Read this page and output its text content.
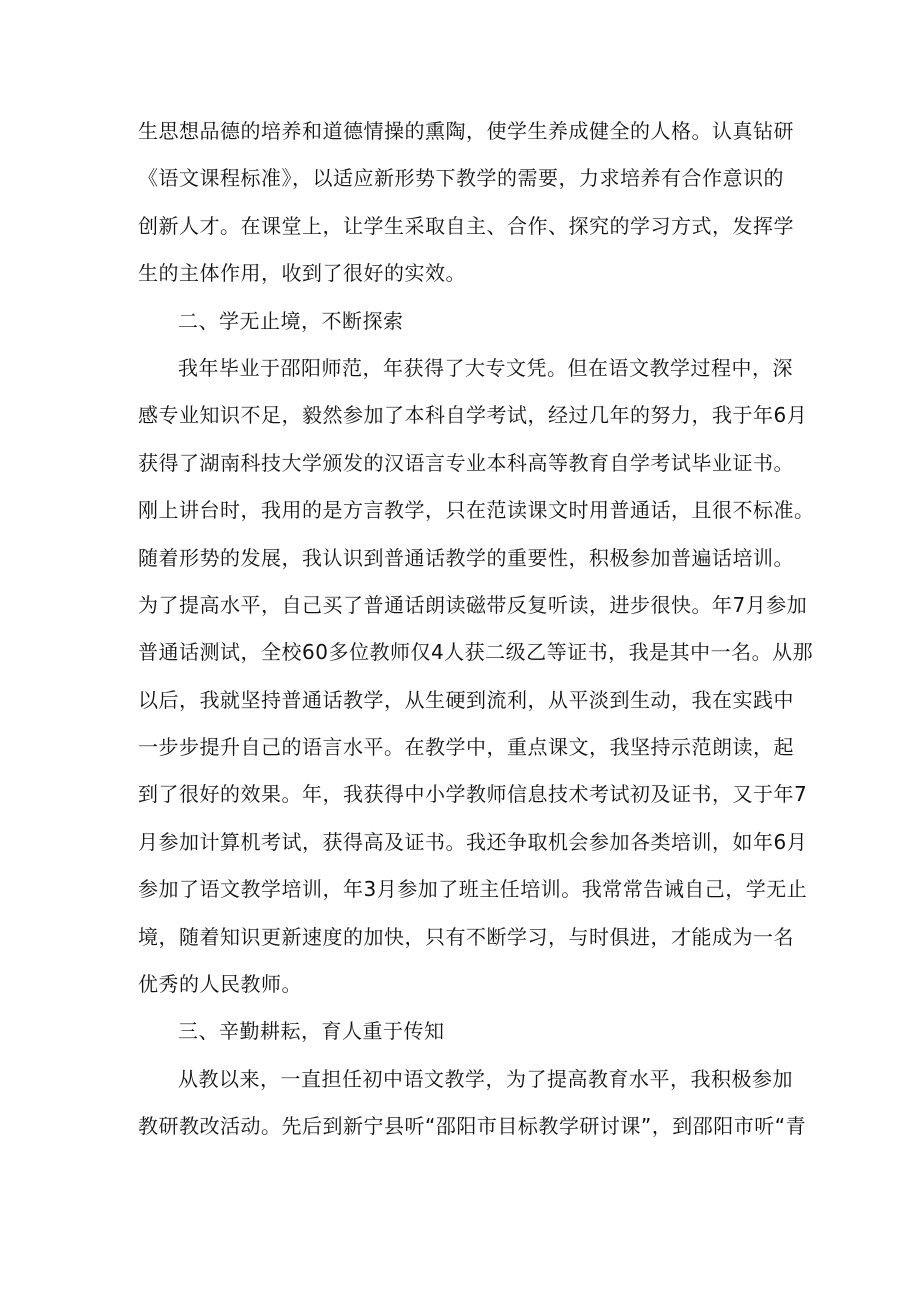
生思想品德的培养和道德情操的熏陶，使学生养成健全的人格。认真钻研
《语文课程标准》，以适应新形势下教学的需要，力求培养有合作意识的
创新人才。在课堂上，让学生采取自主、合作、探究的学习方式，发挥学
生的主体作用，收到了很好的实效。
二、学无止境，不断探索
我年毕业于邵阳师范，年获得了大专文凭。但在语文教学过程中，深
感专业知识不足，毅然参加了本科自学考试，经过几年的努力，我于年6月
获得了湖南科技大学颁发的汉语言专业本科高等教育自学考试毕业证书。
刚上讲台时，我用的是方言教学，只在范读课文时用普通话，且很不标准。
随着形势的发展，我认识到普通话教学的重要性，积极参加普遍话培训。
为了提高水平，自己买了普通话朗读磁带反复听读，进步很快。年7月参加
普通话测试，全校60多位教师仅4人获二级乙等证书，我是其中一名。从那
以后，我就坚持普通话教学，从生硬到流利，从平淡到生动，我在实践中
一步步提升自己的语言水平。在教学中，重点课文，我坚持示范朗读，起
到了很好的效果。年，我获得中小学教师信息技术考试初及证书，又于年7
月参加计算机考试，获得高及证书。我还争取机会参加各类培训，如年6月
参加了语文教学培训，年3月参加了班主任培训。我常常告诫自己，学无止
境，随着知识更新速度的加快，只有不断学习，与时俱进，才能成为一名
优秀的人民教师。
三、辛勤耕耘，育人重于传知
从教以来，一直担任初中语文教学，为了提高教育水平，我积极参加
教研教改活动。先后到新宁县听“邵阳市目标教学研讨课”，到邵阳市听“青
